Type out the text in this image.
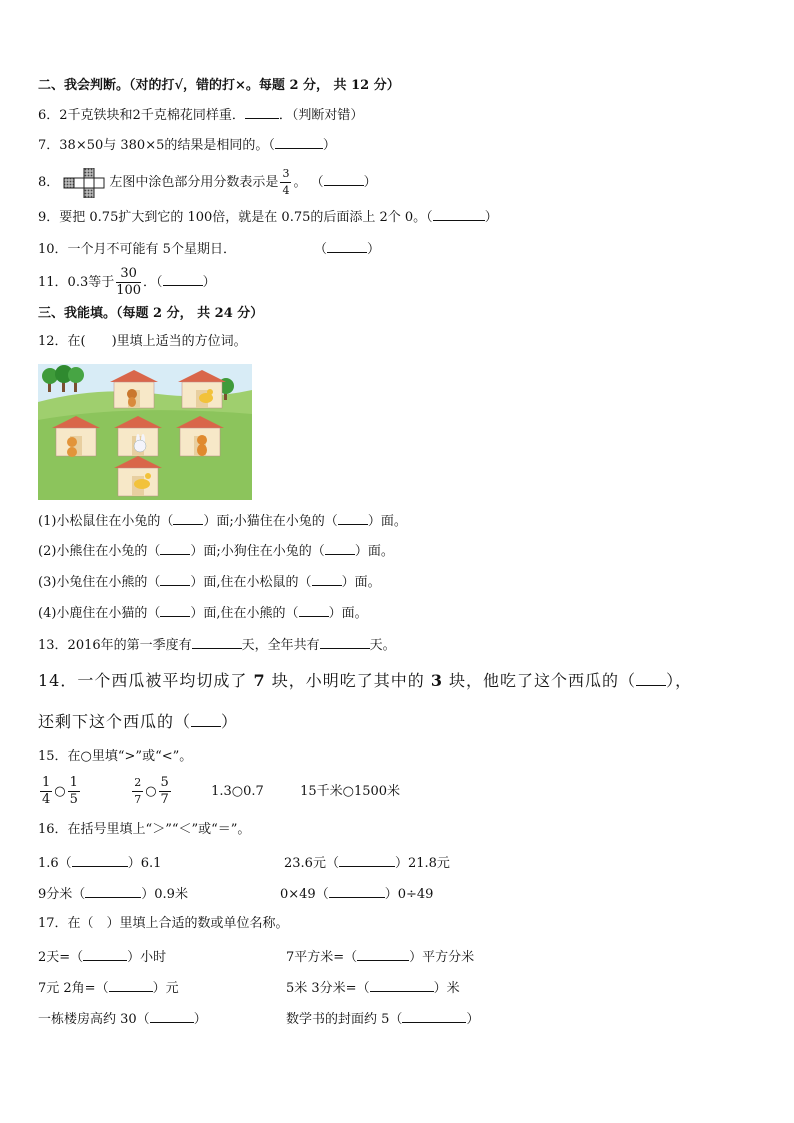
二、我会判断。（对的打√，错的打×。每题 2 分， 共 12 分）
6．2千克铁块和2千克棉花同样重．	．（判断对错）
7．38×50与 380×5的结果是相同的。（	）
8．	左图中涂色部分用分数表示是 $\frac{3}{4}$ 。 （	）
9．要把 0.75扩大到它的 100倍，就是在 0.75的后面添上 2个 0。（	）
10．一个月不可能有 5个星期日．	（	）
11．0.3等于 $\frac{30}{100}$ ．（	）
三、我能填。（每题 2 分， 共 24 分）
12．在(　　)里填上适当的方位词。
(1)小松鼠住在小兔的（ ）面;小猫住在小兔的（ ）面。
(2)小熊住在小兔的（ ）面;小狗住在小兔的（ ）面。
(3)小兔住在小熊的（ ）面,住在小松鼠的（ ）面。
(4)小鹿住在小猫的（ ）面,住在小熊的（ ）面。
13．2016年的第一季度有	天，全年共有	天。
14．一个西瓜被平均切成了 7 块，小明吃了其中的 3 块，他吃了这个西瓜的（ ），
还剩下这个西瓜的（ ）
15．在○里填“>”或“<”。
$\frac{1}{4}$ ○ $\frac{1}{5}$
	$\frac{2}{7}$ ○ $\frac{5}{7}$	1.3○0.7	15千米○1500米
16．在括号里填上“＞”“＜”或“＝”。
1.6（	）6.1	23.6元（	）21.8元
9分米（	）0.9米	0×49（	）0÷49
17．在（　）里填上合适的数或单位名称。
2天=（	）小时	7平方米=（	）平方分米
7元 2角=（	）元	5米 3分米=（	）米
一栋楼房高约 30（	）	数学书的封面约 5（	）
